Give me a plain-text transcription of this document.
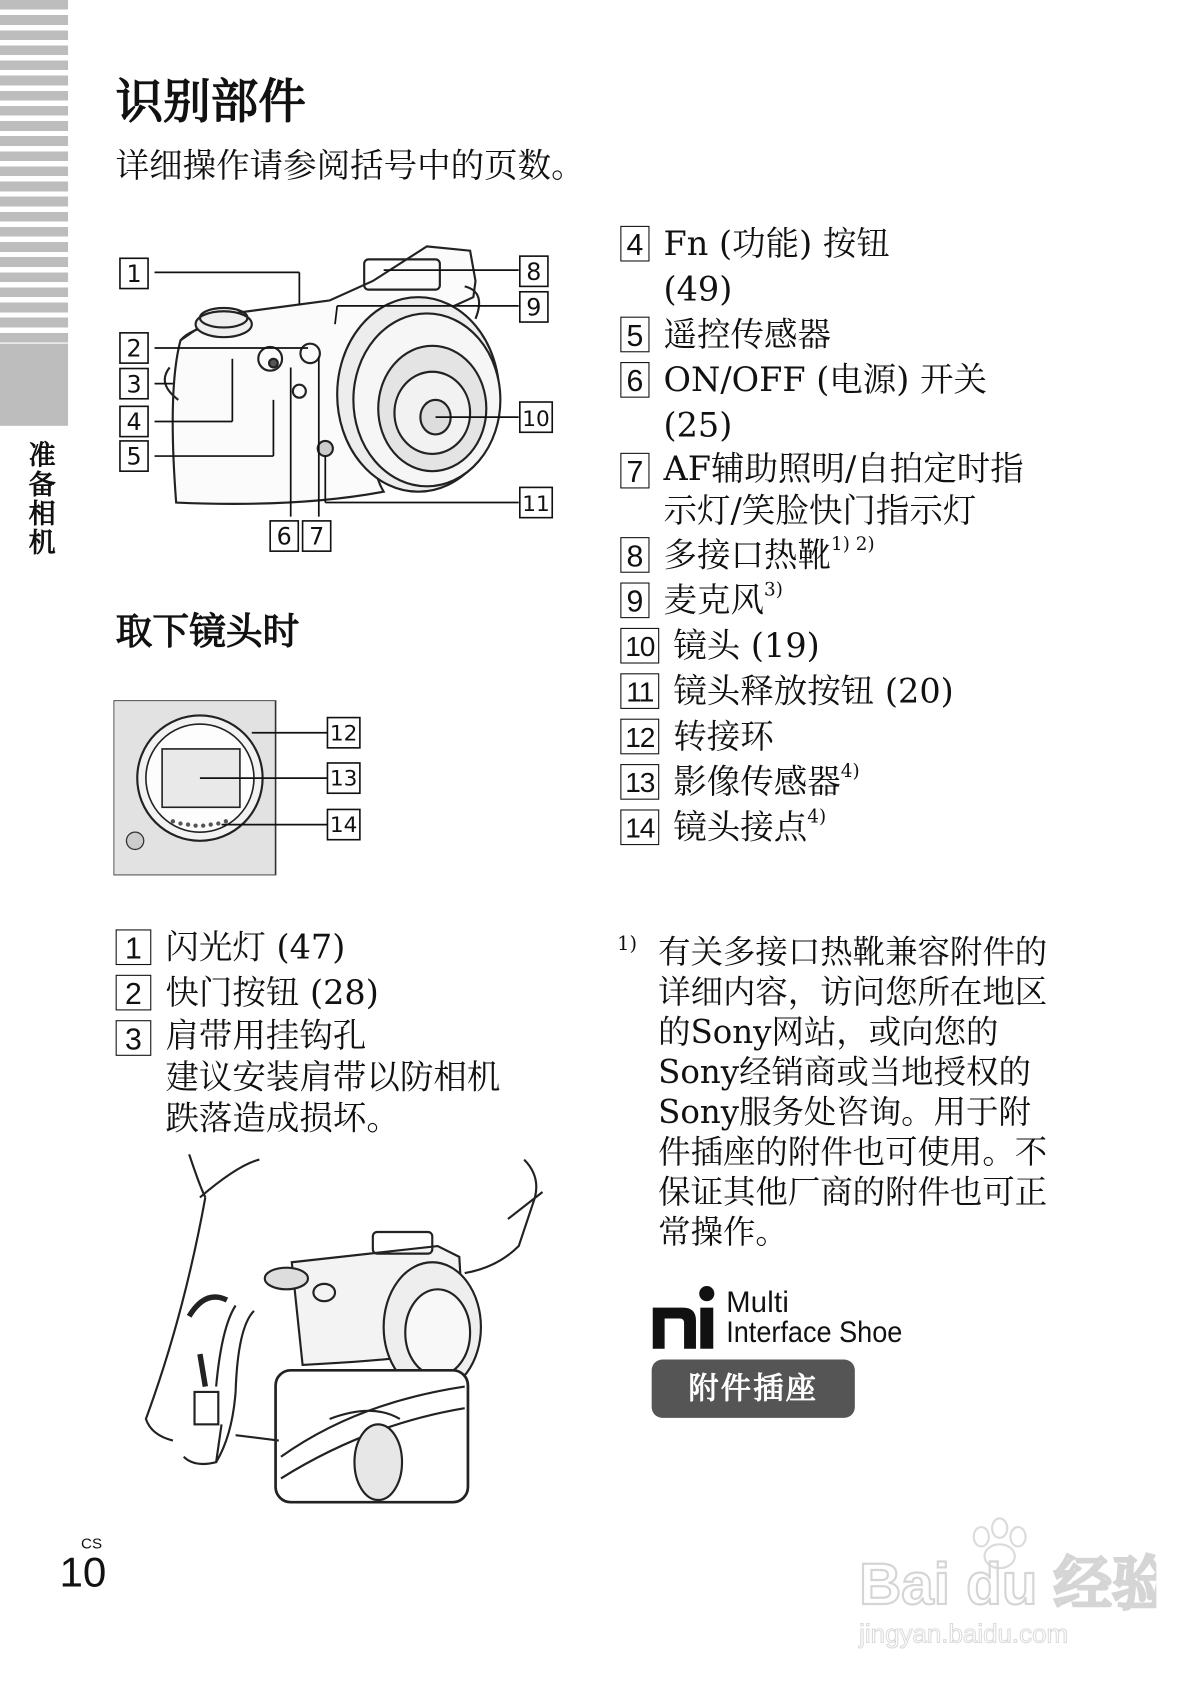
准备相机
识别部件

详细操作请参阅括号中的页数。

1
2
3
4
5
6 7
8
9
10
11
取下镜头时
12
13
14
1 闪光灯 (47)
2 快门按钮 (28)
3 肩带用挂钩孔
建议安装肩带以防相机跌落造成损坏。
4 Fn (功能) 按钮 (49)
5 遥控传感器
6 ON/OFF (电源) 开关 (25)
7 AF辅助照明/自拍定时指示灯/笑脸快门指示灯
8 多接口热靴$^{1) 2)}$
9 麦克风$^{3)}$
10 镜头 (19)
11 镜头释放按钮 (20)
12 转接环
13 影像传感器$^{4)}$
14 镜头接点$^{4)}$
1) 有关多接口热靴兼容附件的详细内容，访问您所在地区的Sony网站，或向您的Sony经销商或当地授权的Sony服务处咨询。用于附件插座的附件也可使用。不保证其他厂商的附件也可正常操作。
Multi
Interface Shoe
附件插座
CS
10	Bai du 经验
jingyan.baidu.com
